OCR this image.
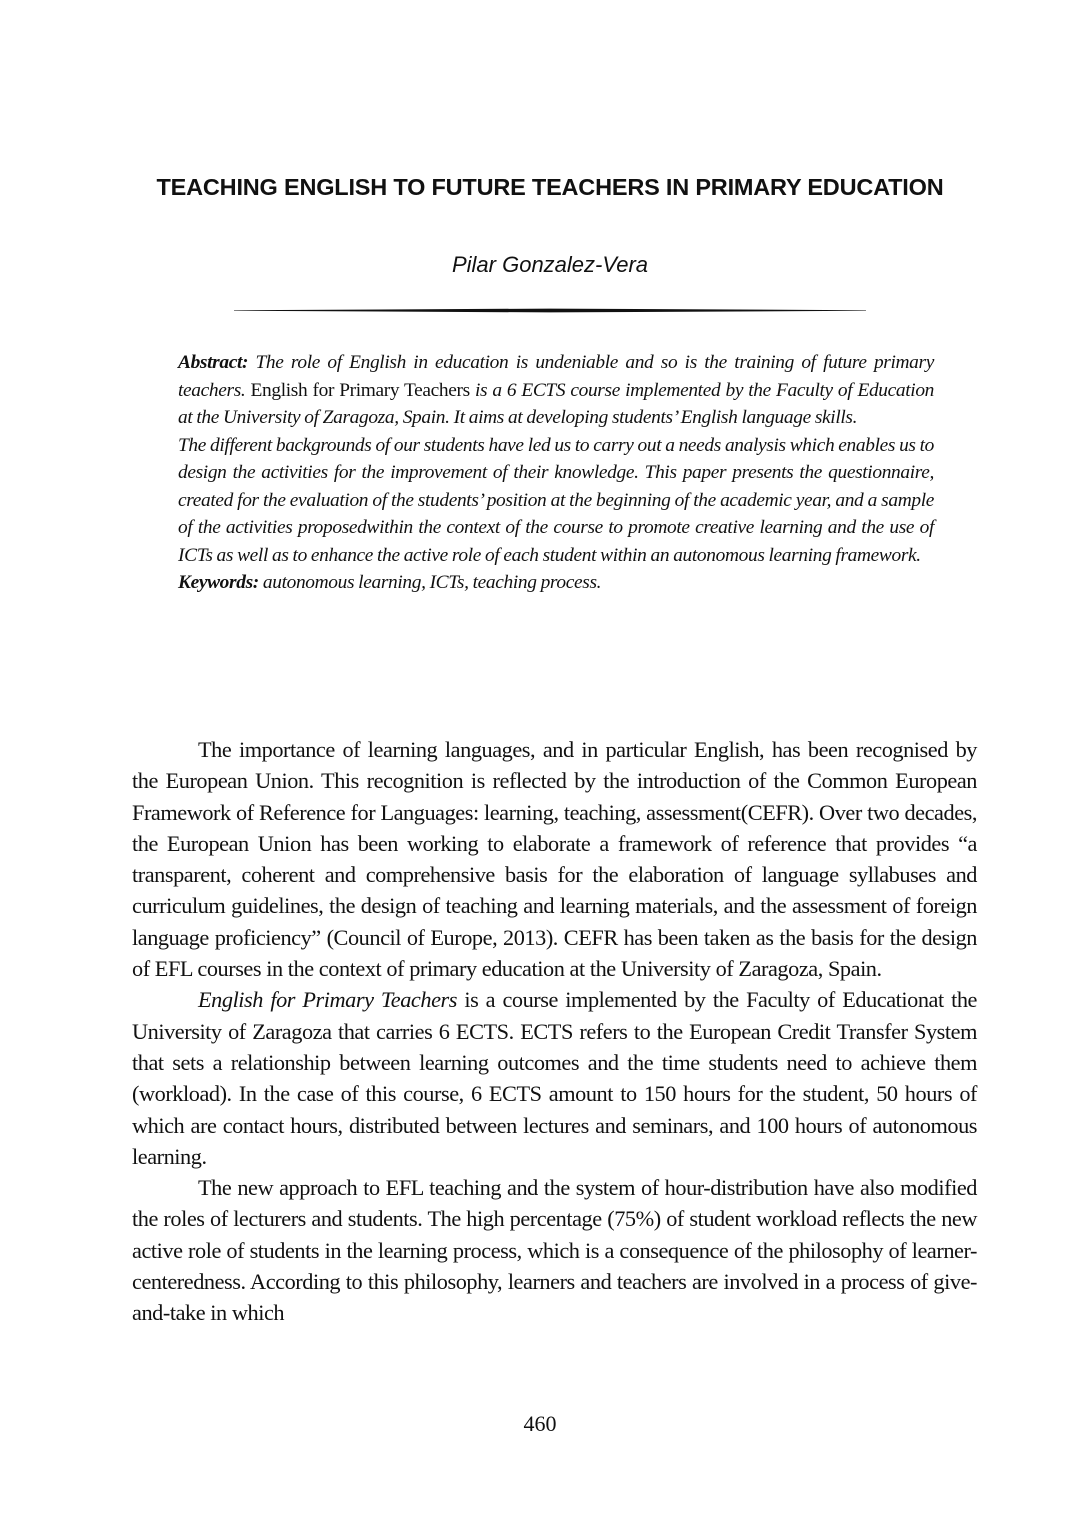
TEACHING ENGLISH TO FUTURE TEACHERS IN PRIMARY EDUCATION
Pilar Gonzalez-Vera

Abstract: The role of English in education is undeniable and so is the training of future primary teachers. English for Primary Teachers is a 6 ECTS course implemented by the Faculty of Education at the University of Zaragoza, Spain. It aims at developing students’ English language skills.

The different backgrounds of our students have led us to carry out a needs analysis which enables us to design the activities for the improvement of their knowledge. This paper presents the questionnaire, created for the evaluation of the students’ position at the beginning of the academic year, and a sample of the activities proposedwithin the context of the course to promote creative learning and the use of ICTs as well as to enhance the active role of each student within an autonomous learning framework.

Keywords: autonomous learning, ICTs, teaching process.

The importance of learning languages, and in particular English, has been recognised by the European Union. This recognition is reflected by the introduction of the Common European Framework of Reference for Languages: learning, teaching, assessment(CEFR). Over two decades, the European Union has been working to elaborate a framework of reference that provides “a transparent, coherent and comprehensive basis for the elaboration of language syllabuses and curriculum guidelines, the design of teaching and learning materials, and the assessment of foreign language proficiency” (Council of Europe, 2013). CEFR has been taken as the basis for the design of EFL courses in the context of primary education at the University of Zaragoza, Spain.

English for Primary Teachers is a course implemented by the Faculty of Educationat the University of Zaragoza that carries 6 ECTS. ECTS refers to the European Credit Transfer System that sets a relationship between learning outcomes and the time students need to achieve them (workload). In the case of this course, 6 ECTS amount to 150 hours for the student, 50 hours of which are contact hours, distributed between lectures and seminars, and 100 hours of autonomous learning.

The new approach to EFL teaching and the system of hour-distribution have also modified the roles of lecturers and students. The high percentage (75%) of student workload reflects the new active role of students in the learning process, which is a consequence of the philosophy of learner-centeredness. According to this philosophy, learners and teachers are involved in a process of give-and-take in which

460
